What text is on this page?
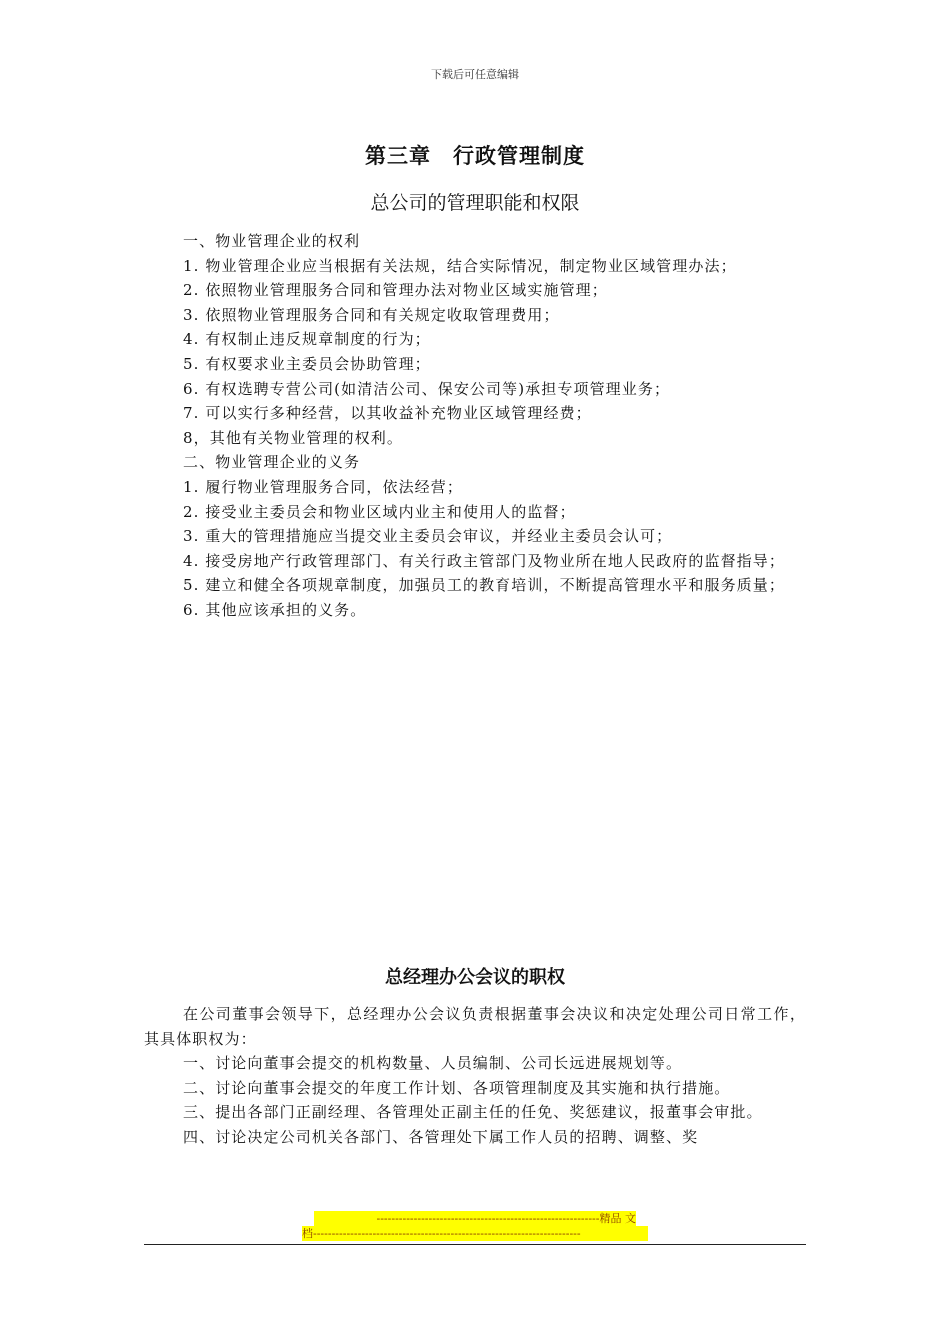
下载后可任意编辑
第三章　行政管理制度
总公司的管理职能和权限

一、物业管理企业的权利

1. 物业管理企业应当根据有关法规，结合实际情况，制定物业区域管理办法；

2. 依照物业管理服务合同和管理办法对物业区域实施管理；

3. 依照物业管理服务合同和有关规定收取管理费用；

4. 有权制止违反规章制度的行为；

5. 有权要求业主委员会协助管理；

6. 有权选聘专营公司(如清洁公司、保安公司等)承担专项管理业务；

7. 可以实行多种经营，以其收益补充物业区域管理经费；

8，其他有关物业管理的权利。

二、物业管理企业的义务

1. 履行物业管理服务合同，依法经营；

2. 接受业主委员会和物业区域内业主和使用人的监督；

3. 重大的管理措施应当提交业主委员会审议，并经业主委员会认可；

4. 接受房地产行政管理部门、有关行政主管部门及物业所在地人民政府的监督指导；

5. 建立和健全各项规章制度，加强员工的教育培训，不断提高管理水平和服务质量；

6. 其他应该承担的义务。

总经理办公会议的职权

在公司董事会领导下，总经理办公会议负责根据董事会决议和决定处理公司日常工作，其具体职权为：

一、讨论向董事会提交的机构数量、人员编制、公司长远进展规划等。

二、讨论向董事会提交的年度工作计划、各项管理制度及其实施和执行措施。

三、提出各部门正副经理、各管理处正副主任的任免、奖惩建议，报董事会审批。

四、讨论决定公司机关各部门、各管理处下属工作人员的招聘、调整、奖

------------------------------------------------------------精品 文
档------------------------------------------------------------------------
